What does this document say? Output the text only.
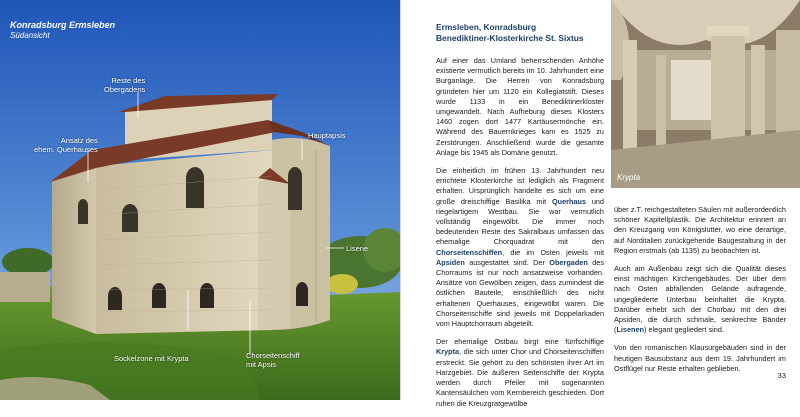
Konradsburg Ermsleben
Südansicht
Reste des
Obergadens
Ansatz des
ehem. Querhauses
Hauptapsis
Lisene
Sockelzone mit Krypta	Chorseitenschiff
mit Apsis
Ermsleben, Konradsburg
Benediktiner-Klosterkirche St. Sixtus

Auf einer das Umland beherrschenden Anhöhe existierte vermutlich bereits im 10. Jahrhundert eine Burganlage. Die Herren von Konradsburg gründeten hier um 1120 ein Kollegiatstift. Dieses wurde 1133 in ein Benediktinerkloster umgewandelt. Nach Aufhebung dieses Klosters 1460 zogen dort 1477 Kartäusermönche ein. Während des Bauernkrieges kam es 1525 zu Zerstörungen. Anschließend wurde die gesamte Anlage bis 1945 als Domäne genutzt.

Die einheitlich im frühen 13. Jahrhundert neu errichtete Klosterkirche ist lediglich als Fragment erhalten. Ursprünglich handelte es sich um eine große dreischiffige Basilika mit Querhaus und riegelartigem Westbau. Sie war vermutlich vollständig eingewölbt. Die immer noch bedeutenden Reste des Sakralbaus umfassen das ehemalige Chorquadrat mit den Chorseitenschiffen, die im Osten jeweils mit Apsiden ausgestattet sind. Der Obergaden des Chorraums ist nur noch ansatzweise vorhanden. Ansätze von Gewölben zeigen, dass zumindest die östlichen Bauteile, einschließlich des nicht erhaltenen Querhauses, eingewölbt waren. Die Chorseitenschiffe sind jeweils mit Doppelarkaden vom Hauptchorraum abgeteilt.

Der ehemalige Ostbau birgt eine fünfschiffige Krypta, die sich unter Chor und Chorseitenschiffen erstreckt. Sie gehört zu den schönsten ihrer Art im Harzgebiet. Die äußeren Seitenschiffe der Krypta werden durch Pfeiler mit sogenannten Kantensäulchen vom Kernbereich geschieden. Dort ruhen die Kreuzgratgewölbe

Krypta

über z.T. reichgestalteten Säulen mit außerordentlich schöner Kapitellplastik. Die Architektur erinnert an den Kreuzgang von Königslutter, wo eine derartige, auf Norditalien zurückgehende Baugestaltung in der Region erstmals (ab 1135) zu beobachten ist.

Auch am Außenbau zeigt sich die Qualität dieses einst mächtigen Kirchengebäudes. Der über dem nach Osten abfallenden Gelände aufragende, ungegliederte Unterbau beinhaltet die Krypta. Darüber erhebt sich der Chorbau mit den drei Apsiden, die durch schmale, senkrechte Bänder (Lisenen) elegant gegliedert sind.

Von den romanischen Klausurgebäuden sind in der heutigen Bausubstanz aus dem 19. Jahrhundert im Ostflügel nur Reste erhalten geblieben.

33
